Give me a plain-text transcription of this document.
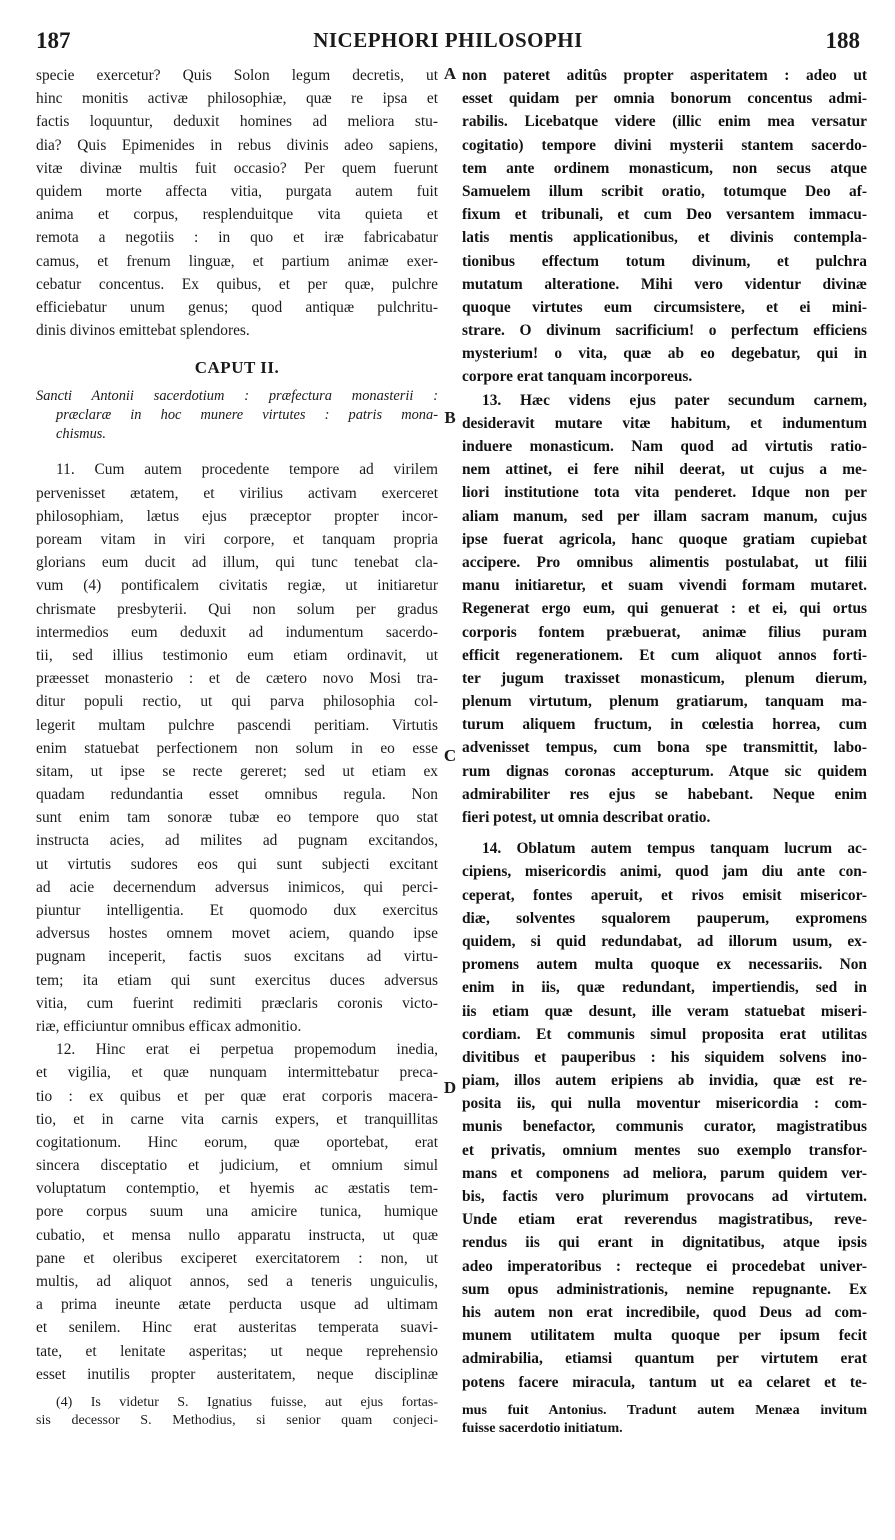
187	NICEPHORI PHILOSOPHI	188
A
B
C
D
specie exercetur? Quis Solon legum decretis, ut
hinc monitis activæ philosophiæ, quæ re ipsa et
factis loquuntur, deduxit homines ad meliora stu-
dia? Quis Epimenides in rebus divinis adeo sapiens,
vitæ divinæ multis fuit occasio? Per quem fuerunt
quidem morte affecta vitia, purgata autem fuit
anima et corpus, resplenduitque vita quieta et
remota a negotiis : in quo et iræ fabricabatur
camus, et frenum linguæ, et partium animæ exer-
cebatur concentus. Ex quibus, et per quæ, pulchre
efficiebatur unum genus; quod antiquæ pulchritu-
dinis divinos emittebat splendores.
CAPUT II.
Sancti Antonii sacerdotium : præfectura monasterii :
præclaræ in hoc munere virtutes : patris mona-
chismus.
11. Cum autem procedente tempore ad virilem
pervenisset ætatem, et virilius activam exerceret
philosophiam, lætus ejus præceptor propter incor-
poream vitam in viri corpore, et tanquam propria
glorians eum ducit ad illum, qui tunc tenebat cla-
vum (4) pontificalem civitatis regiæ, ut initiaretur
chrismate presbyterii. Qui non solum per gradus
intermedios eum deduxit ad indumentum sacerdo-
tii, sed illius testimonio eum etiam ordinavit, ut
præesset monasterio : et de cætero novo Mosi tra-
ditur populi rectio, ut qui parva philosophia col-
legerit multam pulchre pascendi peritiam. Virtutis
enim statuebat perfectionem non solum in eo esse
sitam, ut ipse se recte gereret; sed ut etiam ex
quadam redundantia esset omnibus regula. Non
sunt enim tam sonoræ tubæ eo tempore quo stat
instructa acies, ad milites ad pugnam excitandos,
ut virtutis sudores eos qui sunt subjecti excitant
ad acie decernendum adversus inimicos, qui perci-
piuntur intelligentia. Et quomodo dux exercitus
adversus hostes omnem movet aciem, quando ipse
pugnam inceperit, factis suos excitans ad virtu-
tem; ita etiam qui sunt exercitus duces adversus
vitia, cum fuerint redimiti præclaris coronis victo-
riæ, efficiuntur omnibus efficax admonitio.
12. Hinc erat ei perpetua propemodum inedia,
et vigilia, et quæ nunquam intermittebatur preca-
tio : ex quibus et per quæ erat corporis macera-
tio, et in carne vita carnis expers, et tranquillitas
cogitationum. Hinc eorum, quæ oportebat, erat
sincera disceptatio et judicium, et omnium simul
voluptatum contemptio, et hyemis ac æstatis tem-
pore corpus suum una amicire tunica, humique
cubatio, et mensa nullo apparatu instructa, ut quæ
pane et oleribus exciperet exercitatorem : non, ut
multis, ad aliquot annos, sed a teneris unguiculis,
a prima ineunte ætate perducta usque ad ultimam
et senilem. Hinc erat austeritas temperata suavi-
tate, et lenitate asperitas; ut neque reprehensio
esset inutilis propter austeritatem, neque disciplinæ
(4) Is videtur S. Ignatius fuisse, aut ejus fortas-
sis decessor S. Methodius, si senior quam conjeci-
non pateret aditûs propter asperitatem : adeo ut
esset quidam per omnia bonorum concentus admi-
rabilis. Licebatque videre (illic enim mea versatur
cogitatio) tempore divini mysterii stantem sacerdo-
tem ante ordinem monasticum, non secus atque
Samuelem illum scribit oratio, totumque Deo af-
fixum et tribunali, et cum Deo versantem immacu-
latis mentis applicationibus, et divinis contempla-
tionibus effectum totum divinum, et pulchra
mutatum alteratione. Mihi vero videntur divinæ
quoque virtutes eum circumsistere, et ei mini-
strare. O divinum sacrificium! o perfectum efficiens
mysterium! o vita, quæ ab eo degebatur, qui in
corpore erat tanquam incorporeus.
13. Hæc videns ejus pater secundum carnem,
desideravit mutare vitæ habitum, et indumentum
induere monasticum. Nam quod ad virtutis ratio-
nem attinet, ei fere nihil deerat, ut cujus a me-
liori institutione tota vita penderet. Idque non per
aliam manum, sed per illam sacram manum, cujus
ipse fuerat agricola, hanc quoque gratiam cupiebat
accipere. Pro omnibus alimentis postulabat, ut filii
manu initiaretur, et suam vivendi formam mutaret.
Regenerat ergo eum, qui genuerat : et ei, qui ortus
corporis fontem præbuerat, animæ filius puram
efficit regenerationem. Et cum aliquot annos forti-
ter jugum traxisset monasticum, plenum dierum,
plenum virtutum, plenum gratiarum, tanquam ma-
turum aliquem fructum, in cœlestia horrea, cum
advenisset tempus, cum bona spe transmittit, labo-
rum dignas coronas accepturum. Atque sic quidem
admirabiliter res ejus se habebant. Neque enim
fieri potest, ut omnia describat oratio.
14. Oblatum autem tempus tanquam lucrum ac-
cipiens, misericordis animi, quod jam diu ante con-
ceperat, fontes aperuit, et rivos emisit misericor-
diæ, solventes squalorem pauperum, expromens
quidem, si quid redundabat, ad illorum usum, ex-
promens autem multa quoque ex necessariis. Non
enim in iis, quæ redundant, impertiendis, sed in
iis etiam quæ desunt, ille veram statuebat miseri-
cordiam. Et communis simul proposita erat utilitas
divitibus et pauperibus : his siquidem solvens ino-
piam, illos autem eripiens ab invidia, quæ est re-
posita iis, qui nulla moventur misericordia : com-
munis benefactor, communis curator, magistratibus
et privatis, omnium mentes suo exemplo transfor-
mans et componens ad meliora, parum quidem ver-
bis, factis vero plurimum provocans ad virtutem.
Unde etiam erat reverendus magistratibus, reve-
rendus iis qui erant in dignitatibus, atque ipsis
adeo imperatoribus : recteque ei procedebat univer-
sum opus administrationis, nemine repugnante. Ex
his autem non erat incredibile, quod Deus ad com-
munem utilitatem multa quoque per ipsum fecit
admirabilia, etiamsi quantum per virtutem erat
potens facere miracula, tantum ut ea celaret et te-
mus fuit Antonius. Tradunt autem Menæa invitum
fuisse sacerdotio initiatum.
